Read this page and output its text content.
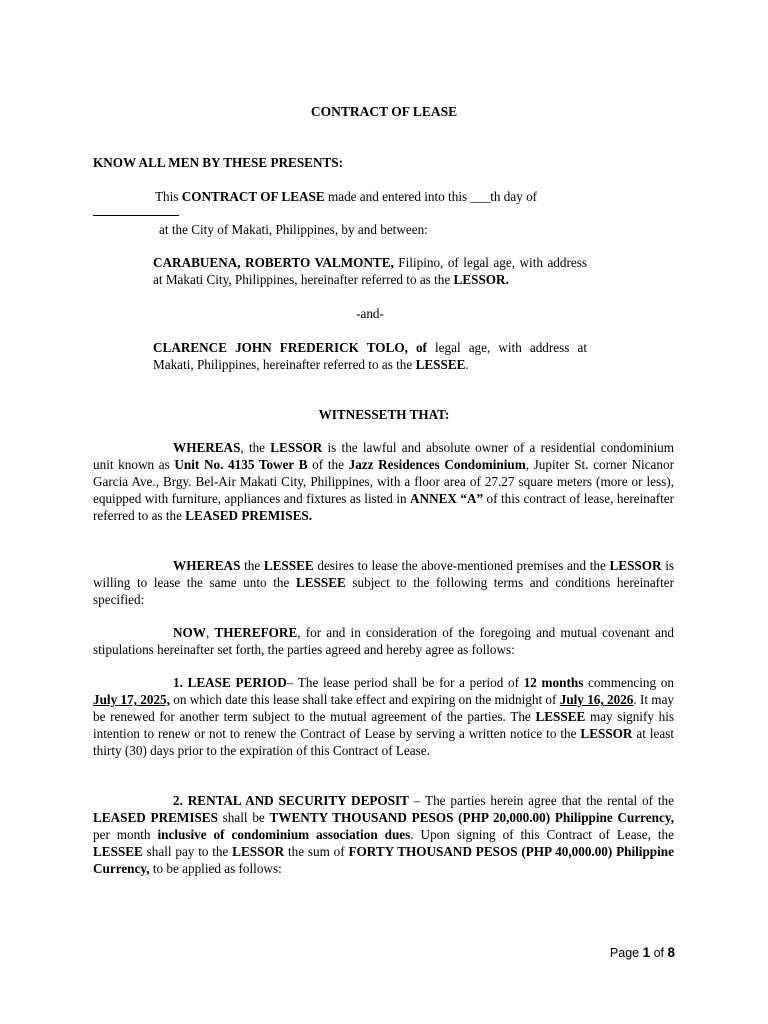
CONTRACT OF LEASE
KNOW ALL MEN BY THESE PRESENTS:
This CONTRACT OF LEASE made and entered into this ___th day of
at the City of Makati, Philippines, by and between:
CARABUENA, ROBERTO VALMONTE, Filipino, of legal age, with address at Makati City, Philippines, hereinafter referred to as the LESSOR.
-and-
CLARENCE JOHN FREDERICK TOLO, of legal age, with address at Makati, Philippines, hereinafter referred to as the LESSEE.
WITNESSETH THAT:
WHEREAS, the LESSOR is the lawful and absolute owner of a residential condominium unit known as Unit No. 4135 Tower B of the Jazz Residences Condominium, Jupiter St. corner Nicanor Garcia Ave., Brgy. Bel-Air Makati City, Philippines, with a floor area of 27.27 square meters (more or less), equipped with furniture, appliances and fixtures as listed in ANNEX “A” of this contract of lease, hereinafter referred to as the LEASED PREMISES.
WHEREAS the LESSEE desires to lease the above-mentioned premises and the LESSOR is willing to lease the same unto the LESSEE subject to the following terms and conditions hereinafter specified:
NOW, THEREFORE, for and in consideration of the foregoing and mutual covenant and stipulations hereinafter set forth, the parties agreed and hereby agree as follows:
1. LEASE PERIOD– The lease period shall be for a period of 12 months commencing on July 17, 2025, on which date this lease shall take effect and expiring on the midnight of July 16, 2026. It may be renewed for another term subject to the mutual agreement of the parties. The LESSEE may signify his intention to renew or not to renew the Contract of Lease by serving a written notice to the LESSOR at least thirty (30) days prior to the expiration of this Contract of Lease.
2. RENTAL AND SECURITY DEPOSIT – The parties herein agree that the rental of the LEASED PREMISES shall be TWENTY THOUSAND PESOS (PHP 20,000.00) Philippine Currency, per month inclusive of condominium association dues. Upon signing of this Contract of Lease, the LESSEE shall pay to the LESSOR the sum of FORTY THOUSAND PESOS (PHP 40,000.00) Philippine Currency, to be applied as follows:
Page 1 of 8
